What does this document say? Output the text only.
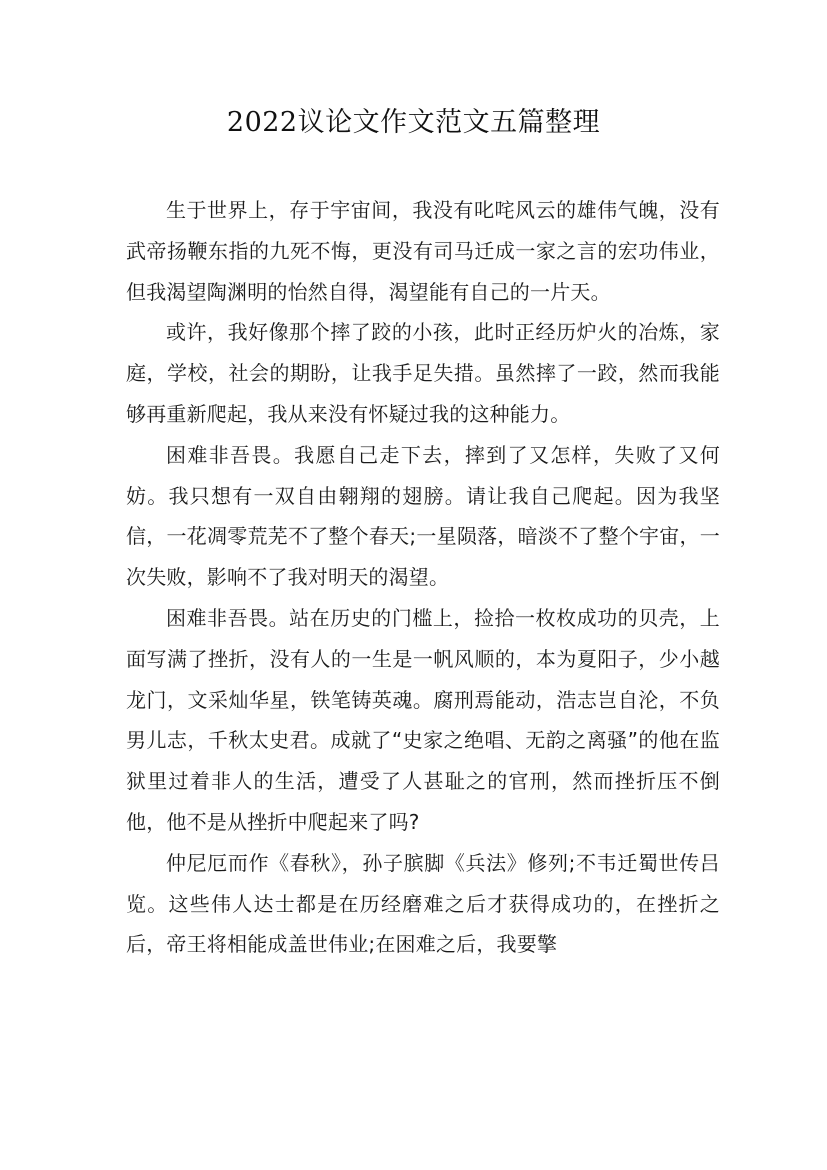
2022议论文作文范文五篇整理

生于世界上，存于宇宙间，我没有叱咤风云的雄伟气魄，没有武帝扬鞭东指的九死不悔，更没有司马迁成一家之言的宏功伟业，但我渴望陶渊明的怡然自得，渴望能有自己的一片天。

或许，我好像那个摔了跤的小孩，此时正经历炉火的冶炼，家庭，学校，社会的期盼，让我手足失措。虽然摔了一跤，然而我能够再重新爬起，我从来没有怀疑过我的这种能力。

困难非吾畏。我愿自己走下去，摔到了又怎样，失败了又何妨。我只想有一双自由翱翔的翅膀。请让我自己爬起。因为我坚信，一花凋零荒芜不了整个春天;一星陨落，暗淡不了整个宇宙，一次失败，影响不了我对明天的渴望。

困难非吾畏。站在历史的门槛上，捡拾一枚枚成功的贝壳，上面写满了挫折，没有人的一生是一帆风顺的，本为夏阳子，少小越龙门，文采灿华星，铁笔铸英魂。腐刑焉能动，浩志岂自沦，不负男儿志，千秋太史君。成就了“史家之绝唱、无韵之离骚”的他在监狱里过着非人的生活，遭受了人甚耻之的官刑，然而挫折压不倒他，他不是从挫折中爬起来了吗?

仲尼厄而作《春秋》，孙子膑脚《兵法》修列;不韦迁蜀世传吕览。这些伟人达士都是在历经磨难之后才获得成功的，在挫折之后，帝王将相能成盖世伟业;在困难之后，我要擎
